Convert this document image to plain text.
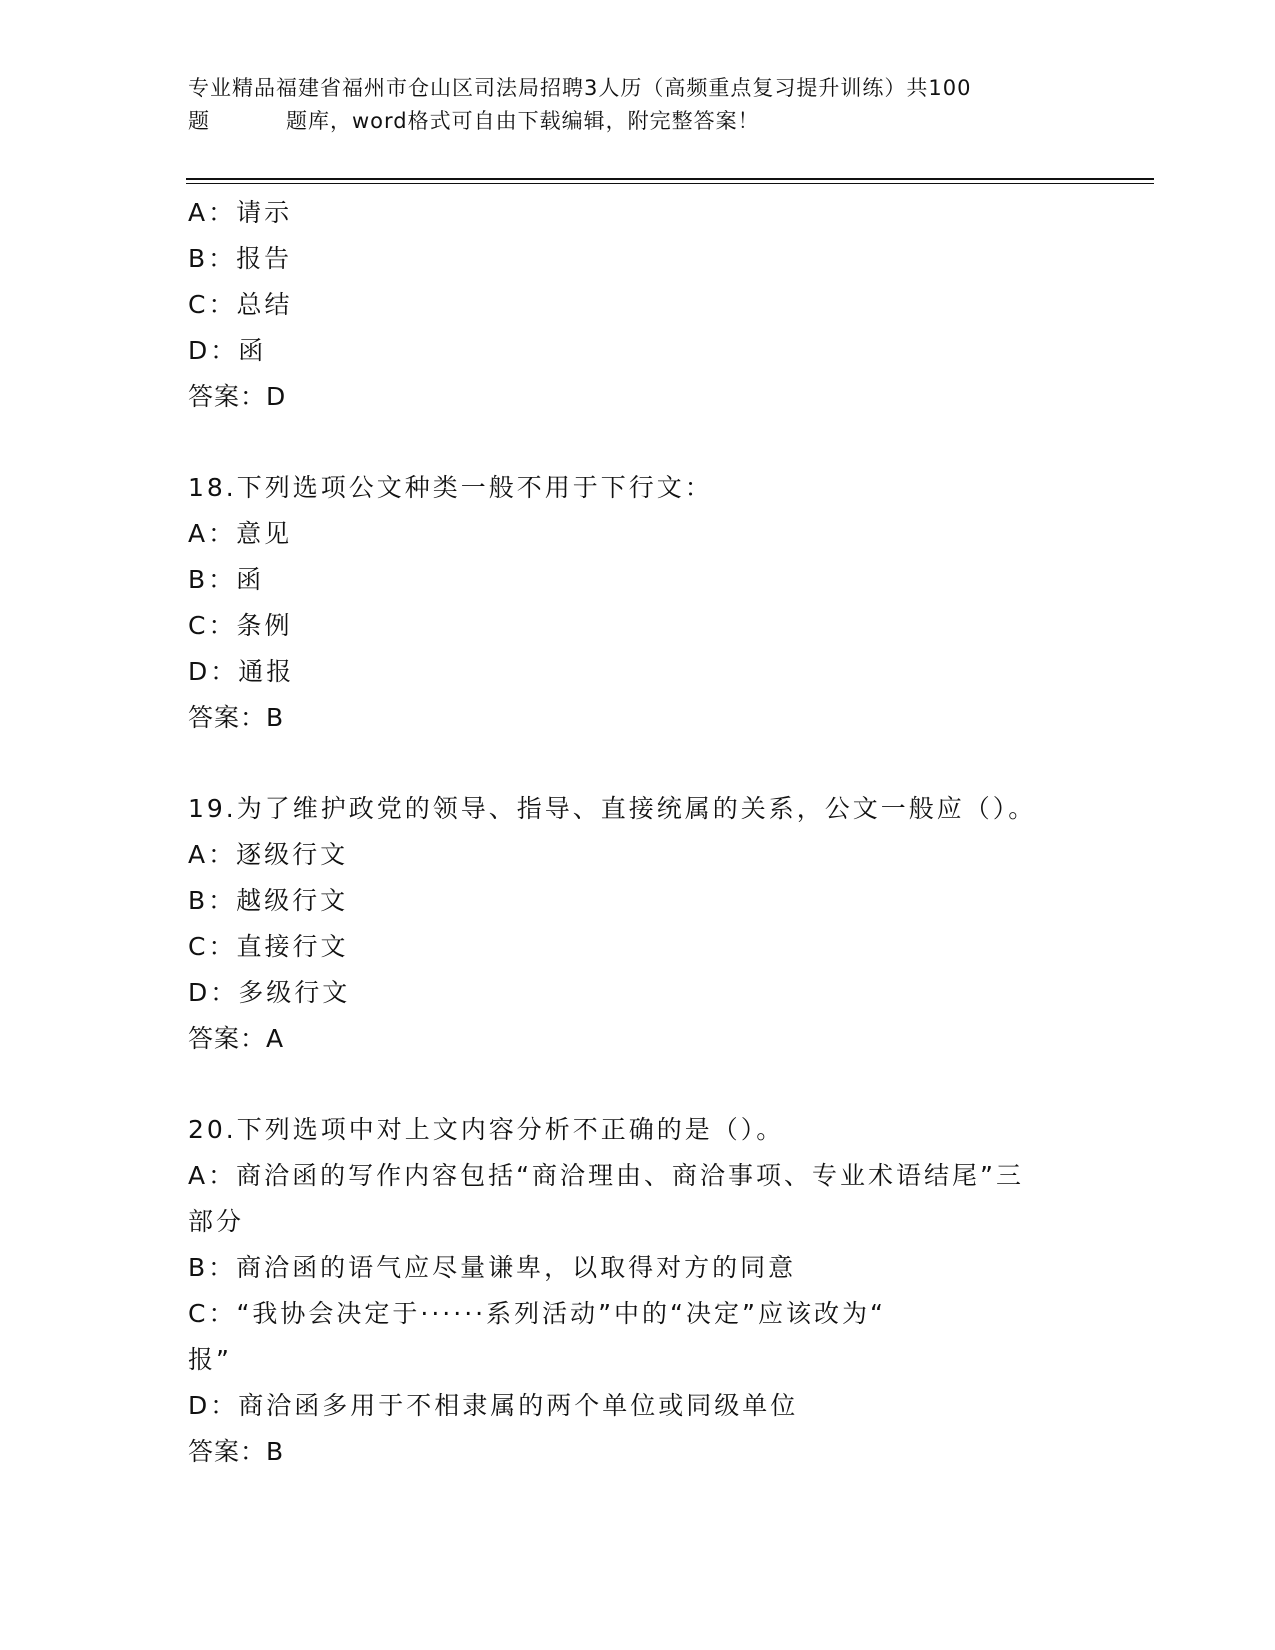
专业精品福建省福州市仓山区司法局招聘3人历（高频重点复习提升训练）共100
题	题库，word格式可自由下载编辑，附完整答案！
A：请示
B：报告
C：总结
D：函
答案：D
18.下列选项公文种类一般不用于下行文：
A：意见
B：函
C：条例
D：通报
答案：B
19.为了维护政党的领导、指导、直接统属的关系，公文一般应（）。
A：逐级行文
B：越级行文
C：直接行文
D：多级行文
答案：A
20.下列选项中对上文内容分析不正确的是（）。
A：商洽函的写作内容包括“商洽理由、商洽事项、专业术语结尾”三
部分
B：商洽函的语气应尽量谦卑，以取得对方的同意
C：“我协会决定于······系列活动”中的“决定”应该改为“
报”
D：商洽函多用于不相隶属的两个单位或同级单位
答案：B
